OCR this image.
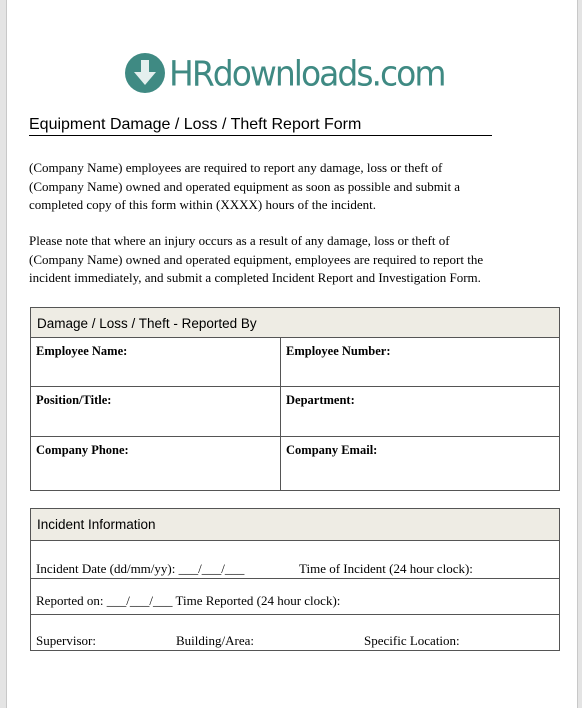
HRdownloads.com
Equipment Damage / Loss / Theft Report Form

(Company Name) employees are required to report any damage, loss or theft of
(Company Name) owned and operated equipment as soon as possible and submit a
completed copy of this form within (XXXX) hours of the incident.

Please note that where an injury occurs as a result of any damage, loss or theft of
(Company Name) owned and operated equipment, employees are required to report the
incident immediately, and submit a completed Incident Report and Investigation Form.

Damage / Loss / Theft - Reported By
Employee Name:	Employee Number:
Position/Title:	Department:
Company Phone:	Company Email:
Incident Information
Incident Date (dd/mm/yy): ___/___/___	Time of Incident (24 hour clock):
Reported on: ___/___/___ Time Reported (24 hour clock):
Supervisor:	Building/Area:	Specific Location:
